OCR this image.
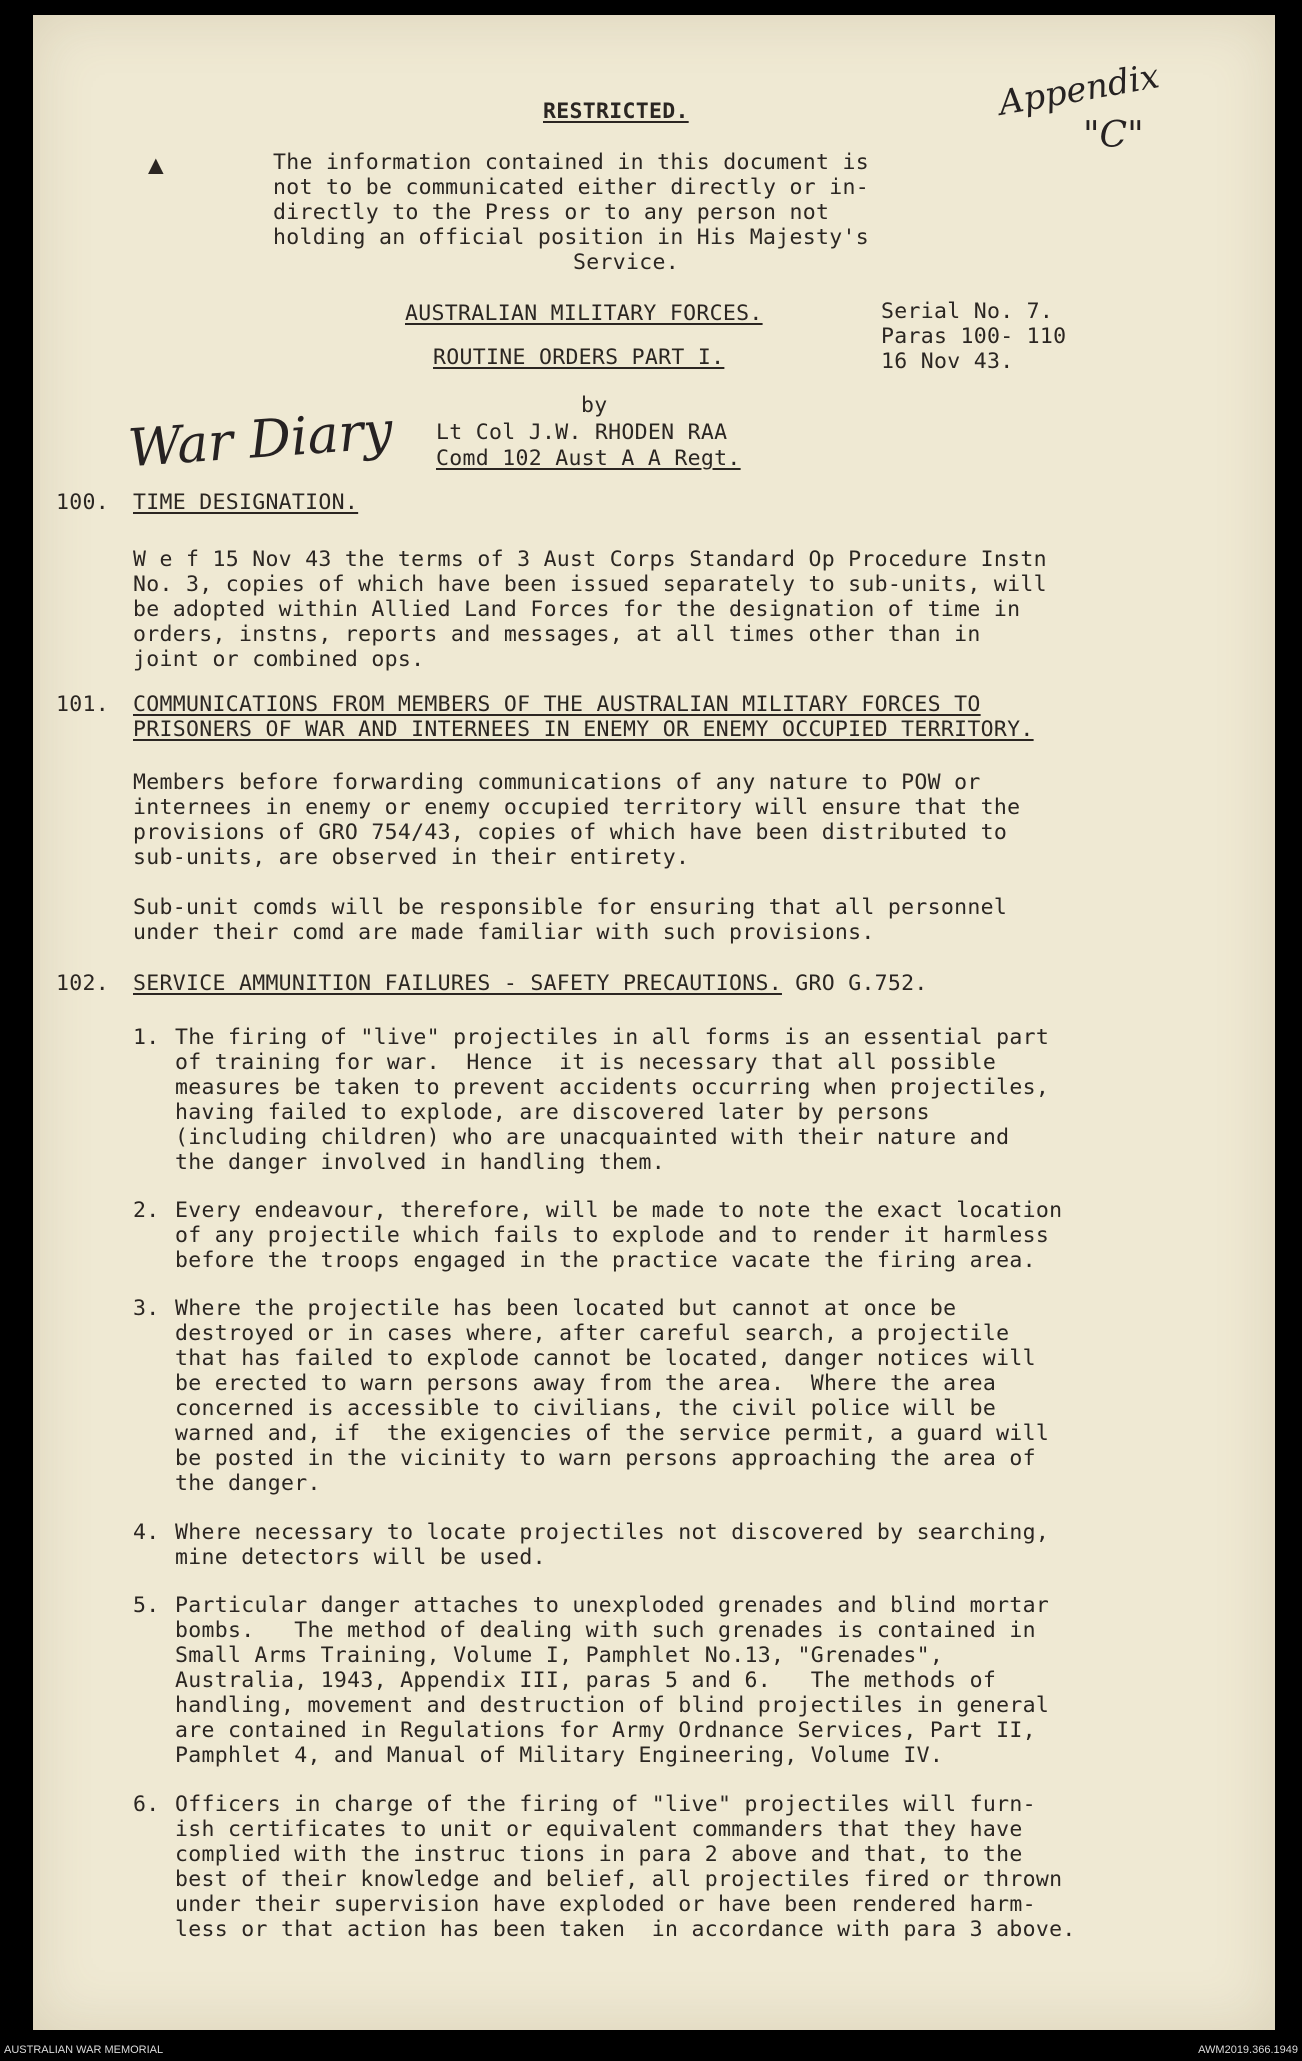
RESTRICTED.
▲	The information contained in this document is
not to be communicated either directly or in-
directly to the Press or to any person not
holding an official position in His Majesty's
Service.
Appendix
"C"
AUSTRALIAN MILITARY FORCES.
ROUTINE ORDERS PART I.
Serial No. 7.
Paras 100- 110
16 Nov 43.
by
Lt Col J.W. RHODEN RAA
Comd 102 Aust A A Regt.
War Diary
100. TIME DESIGNATION.
W e f 15 Nov 43 the terms of 3 Aust Corps Standard Op Procedure Instn
No. 3, copies of which have been issued separately to sub-units, will
be adopted within Allied Land Forces for the designation of time in
orders, instns, reports and messages, at all times other than in
joint or combined ops.
101. COMMUNICATIONS FROM MEMBERS OF THE AUSTRALIAN MILITARY FORCES TO
PRISONERS OF WAR AND INTERNEES IN ENEMY OR ENEMY OCCUPIED TERRITORY.
Members before forwarding communications of any nature to POW or
internees in enemy or enemy occupied territory will ensure that the
provisions of GRO 754/43, copies of which have been distributed to
sub-units, are observed in their entirety.
Sub-unit comds will be responsible for ensuring that all personnel
under their comd are made familiar with such provisions.
102. SERVICE AMMUNITION FAILURES - SAFETY PRECAUTIONS. GRO G.752.
1. The firing of "live" projectiles in all forms is an essential part
of training for war.  Hence  it is necessary that all possible
measures be taken to prevent accidents occurring when projectiles,
having failed to explode, are discovered later by persons
(including children) who are unacquainted with their nature and
the danger involved in handling them.
2. Every endeavour, therefore, will be made to note the exact location
of any projectile which fails to explode and to render it harmless
before the troops engaged in the practice vacate the firing area.
3. Where the projectile has been located but cannot at once be
destroyed or in cases where, after careful search, a projectile
that has failed to explode cannot be located, danger notices will
be erected to warn persons away from the area.  Where the area
concerned is accessible to civilians, the civil police will be
warned and, if  the exigencies of the service permit, a guard will
be posted in the vicinity to warn persons approaching the area of
the danger.
4. Where necessary to locate projectiles not discovered by searching,
mine detectors will be used.
5. Particular danger attaches to unexploded grenades and blind mortar
bombs.   The method of dealing with such grenades is contained in
Small Arms Training, Volume I, Pamphlet No.13, "Grenades",
Australia, 1943, Appendix III, paras 5 and 6.   The methods of
handling, movement and destruction of blind projectiles in general
are contained in Regulations for Army Ordnance Services, Part II,
Pamphlet 4, and Manual of Military Engineering, Volume IV.
6. Officers in charge of the firing of "live" projectiles will furn-
ish certificates to unit or equivalent commanders that they have
complied with the instruc tions in para 2 above and that, to the
best of their knowledge and belief, all projectiles fired or thrown
under their supervision have exploded or have been rendered harm-
less or that action has been taken  in accordance with para 3 above.
AUSTRALIAN WAR MEMORIAL	AWM2019.366.1949
